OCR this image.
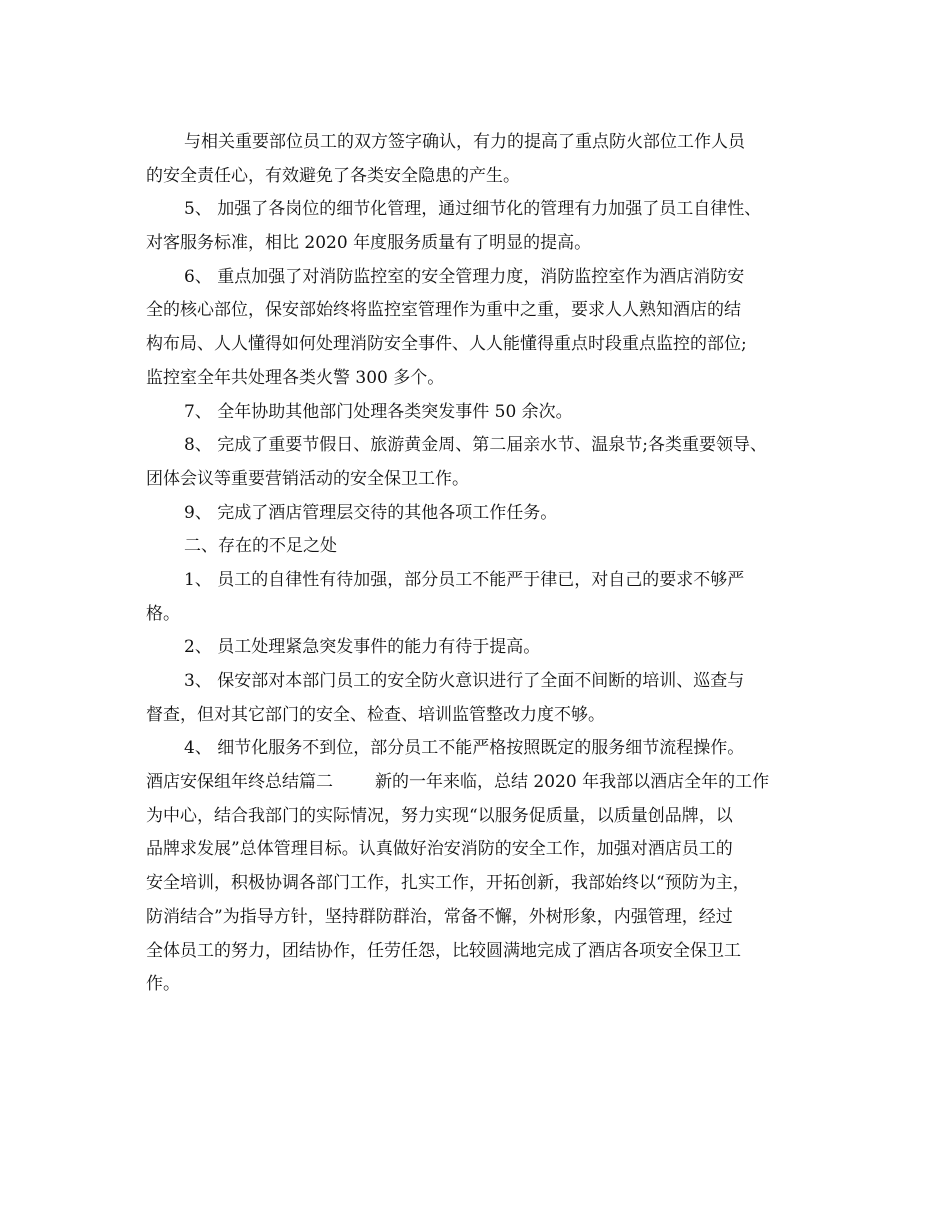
与相关重要部位员工的双方签字确认，有力的提高了重点防火部位工作人员
的安全责任心，有效避免了各类安全隐患的产生。
5、 加强了各岗位的细节化管理，通过细节化的管理有力加强了员工自律性、
对客服务标准，相比 2020 年度服务质量有了明显的提高。
6、 重点加强了对消防监控室的安全管理力度，消防监控室作为酒店消防安
全的核心部位，保安部始终将监控室管理作为重中之重，要求人人熟知酒店的结
构布局、人人懂得如何处理消防安全事件、人人能懂得重点时段重点监控的部位;
监控室全年共处理各类火警 300 多个。
7、 全年协助其他部门处理各类突发事件 50 余次。
8、 完成了重要节假日、旅游黄金周、第二届亲水节、温泉节;各类重要领导、
团体会议等重要营销活动的安全保卫工作。
9、 完成了酒店管理层交待的其他各项工作任务。
二、存在的不足之处
1、 员工的自律性有待加强，部分员工不能严于律已，对自己的要求不够严
格。
2、 员工处理紧急突发事件的能力有待于提高。
3、 保安部对本部门员工的安全防火意识进行了全面不间断的培训、巡查与
督查，但对其它部门的安全、检查、培训监管整改力度不够。
4、 细节化服务不到位，部分员工不能严格按照既定的服务细节流程操作。
酒店安保组年终总结篇二 新的一年来临，总结 2020 年我部以酒店全年的工作
为中心，结合我部门的实际情况，努力实现“以服务促质量，以质量创品牌，以
品牌求发展”总体管理目标。认真做好治安消防的安全工作，加强对酒店员工的
安全培训，积极协调各部门工作，扎实工作，开拓创新，我部始终以“预防为主，
防消结合”为指导方针，坚持群防群治，常备不懈，外树形象，内强管理，经过
全体员工的努力，团结协作，任劳任怨，比较圆满地完成了酒店各项安全保卫工
作。
